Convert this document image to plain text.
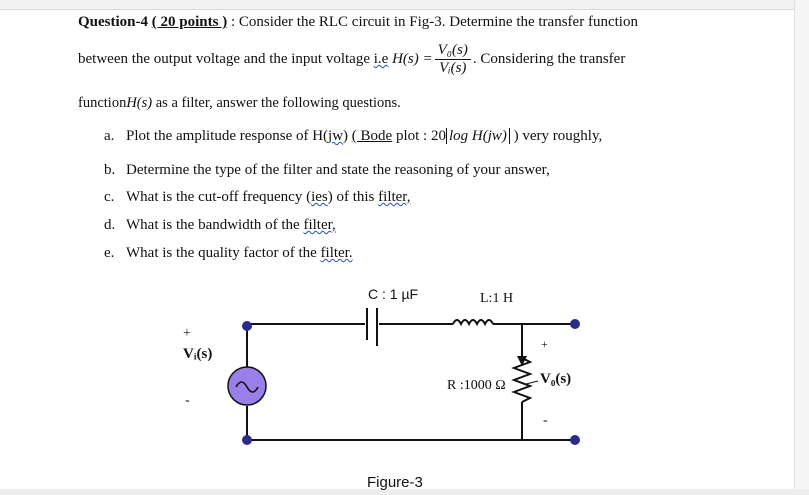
Question-4 ( 20 points ) : Consider the RLC circuit in Fig-3. Determine the transfer function
between the output voltage and the input voltage i.e $H(s) = \frac{\text{V₀(s)}}{\text{Vᵢ(s)}}$ . Considering the transfer
functionH(s) as a filter, answer the following questions.
a. Plot the amplitude response of H(jw) ( Bode plot : 20 log H(jw) ) very roughly,
b. Determine the type of the filter and state the reasoning of your answer,
c. What is the cut-off frequency (ies) of this filter,
d. What is the bandwidth of the filter,
e. What is the quality factor of the filter.
C : 1 µF	L:1 H
R :1000 Ω
+
Vᵢ(s)
-
+
V₀(s)
-
Figure-3
